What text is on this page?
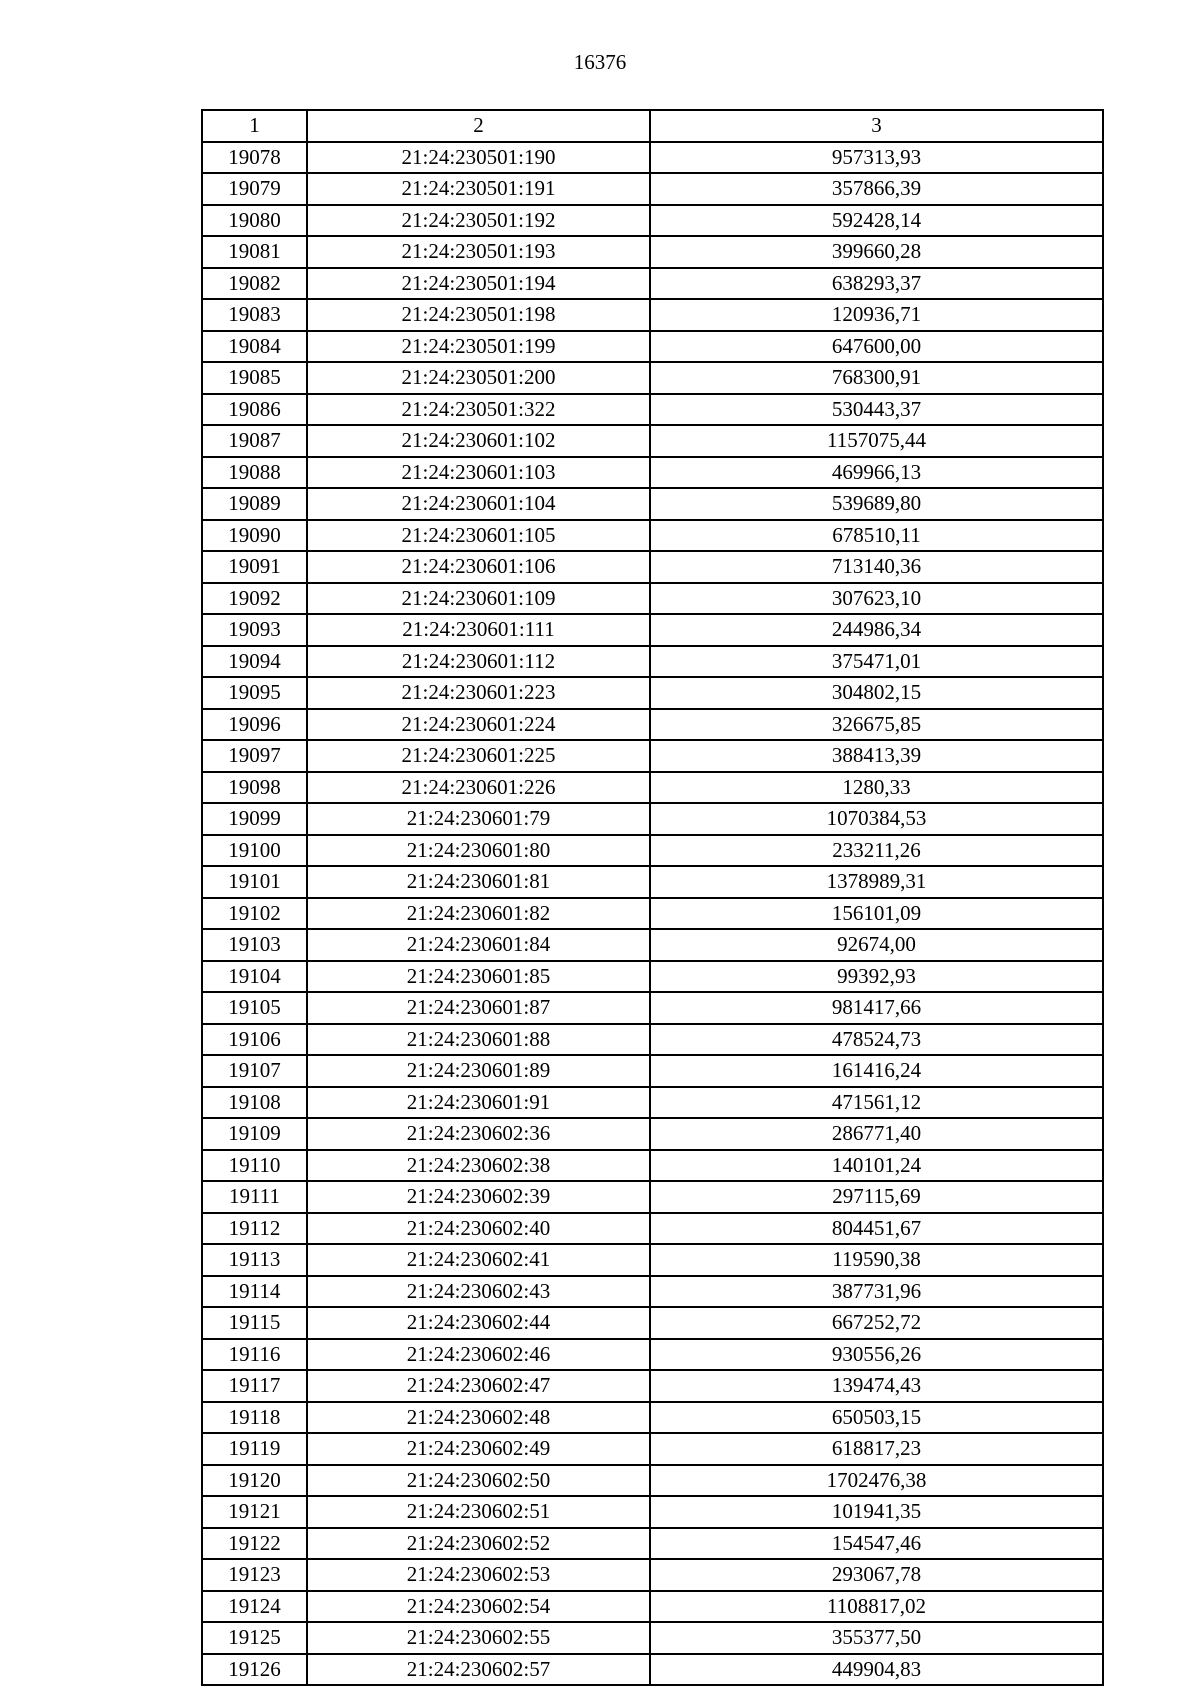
16376
1	2	3
19078	21:24:230501:190	957313,93
19079	21:24:230501:191	357866,39
19080	21:24:230501:192	592428,14
19081	21:24:230501:193	399660,28
19082	21:24:230501:194	638293,37
19083	21:24:230501:198	120936,71
19084	21:24:230501:199	647600,00
19085	21:24:230501:200	768300,91
19086	21:24:230501:322	530443,37
19087	21:24:230601:102	1157075,44
19088	21:24:230601:103	469966,13
19089	21:24:230601:104	539689,80
19090	21:24:230601:105	678510,11
19091	21:24:230601:106	713140,36
19092	21:24:230601:109	307623,10
19093	21:24:230601:111	244986,34
19094	21:24:230601:112	375471,01
19095	21:24:230601:223	304802,15
19096	21:24:230601:224	326675,85
19097	21:24:230601:225	388413,39
19098	21:24:230601:226	1280,33
19099	21:24:230601:79	1070384,53
19100	21:24:230601:80	233211,26
19101	21:24:230601:81	1378989,31
19102	21:24:230601:82	156101,09
19103	21:24:230601:84	92674,00
19104	21:24:230601:85	99392,93
19105	21:24:230601:87	981417,66
19106	21:24:230601:88	478524,73
19107	21:24:230601:89	161416,24
19108	21:24:230601:91	471561,12
19109	21:24:230602:36	286771,40
19110	21:24:230602:38	140101,24
19111	21:24:230602:39	297115,69
19112	21:24:230602:40	804451,67
19113	21:24:230602:41	119590,38
19114	21:24:230602:43	387731,96
19115	21:24:230602:44	667252,72
19116	21:24:230602:46	930556,26
19117	21:24:230602:47	139474,43
19118	21:24:230602:48	650503,15
19119	21:24:230602:49	618817,23
19120	21:24:230602:50	1702476,38
19121	21:24:230602:51	101941,35
19122	21:24:230602:52	154547,46
19123	21:24:230602:53	293067,78
19124	21:24:230602:54	1108817,02
19125	21:24:230602:55	355377,50
19126	21:24:230602:57	449904,83
